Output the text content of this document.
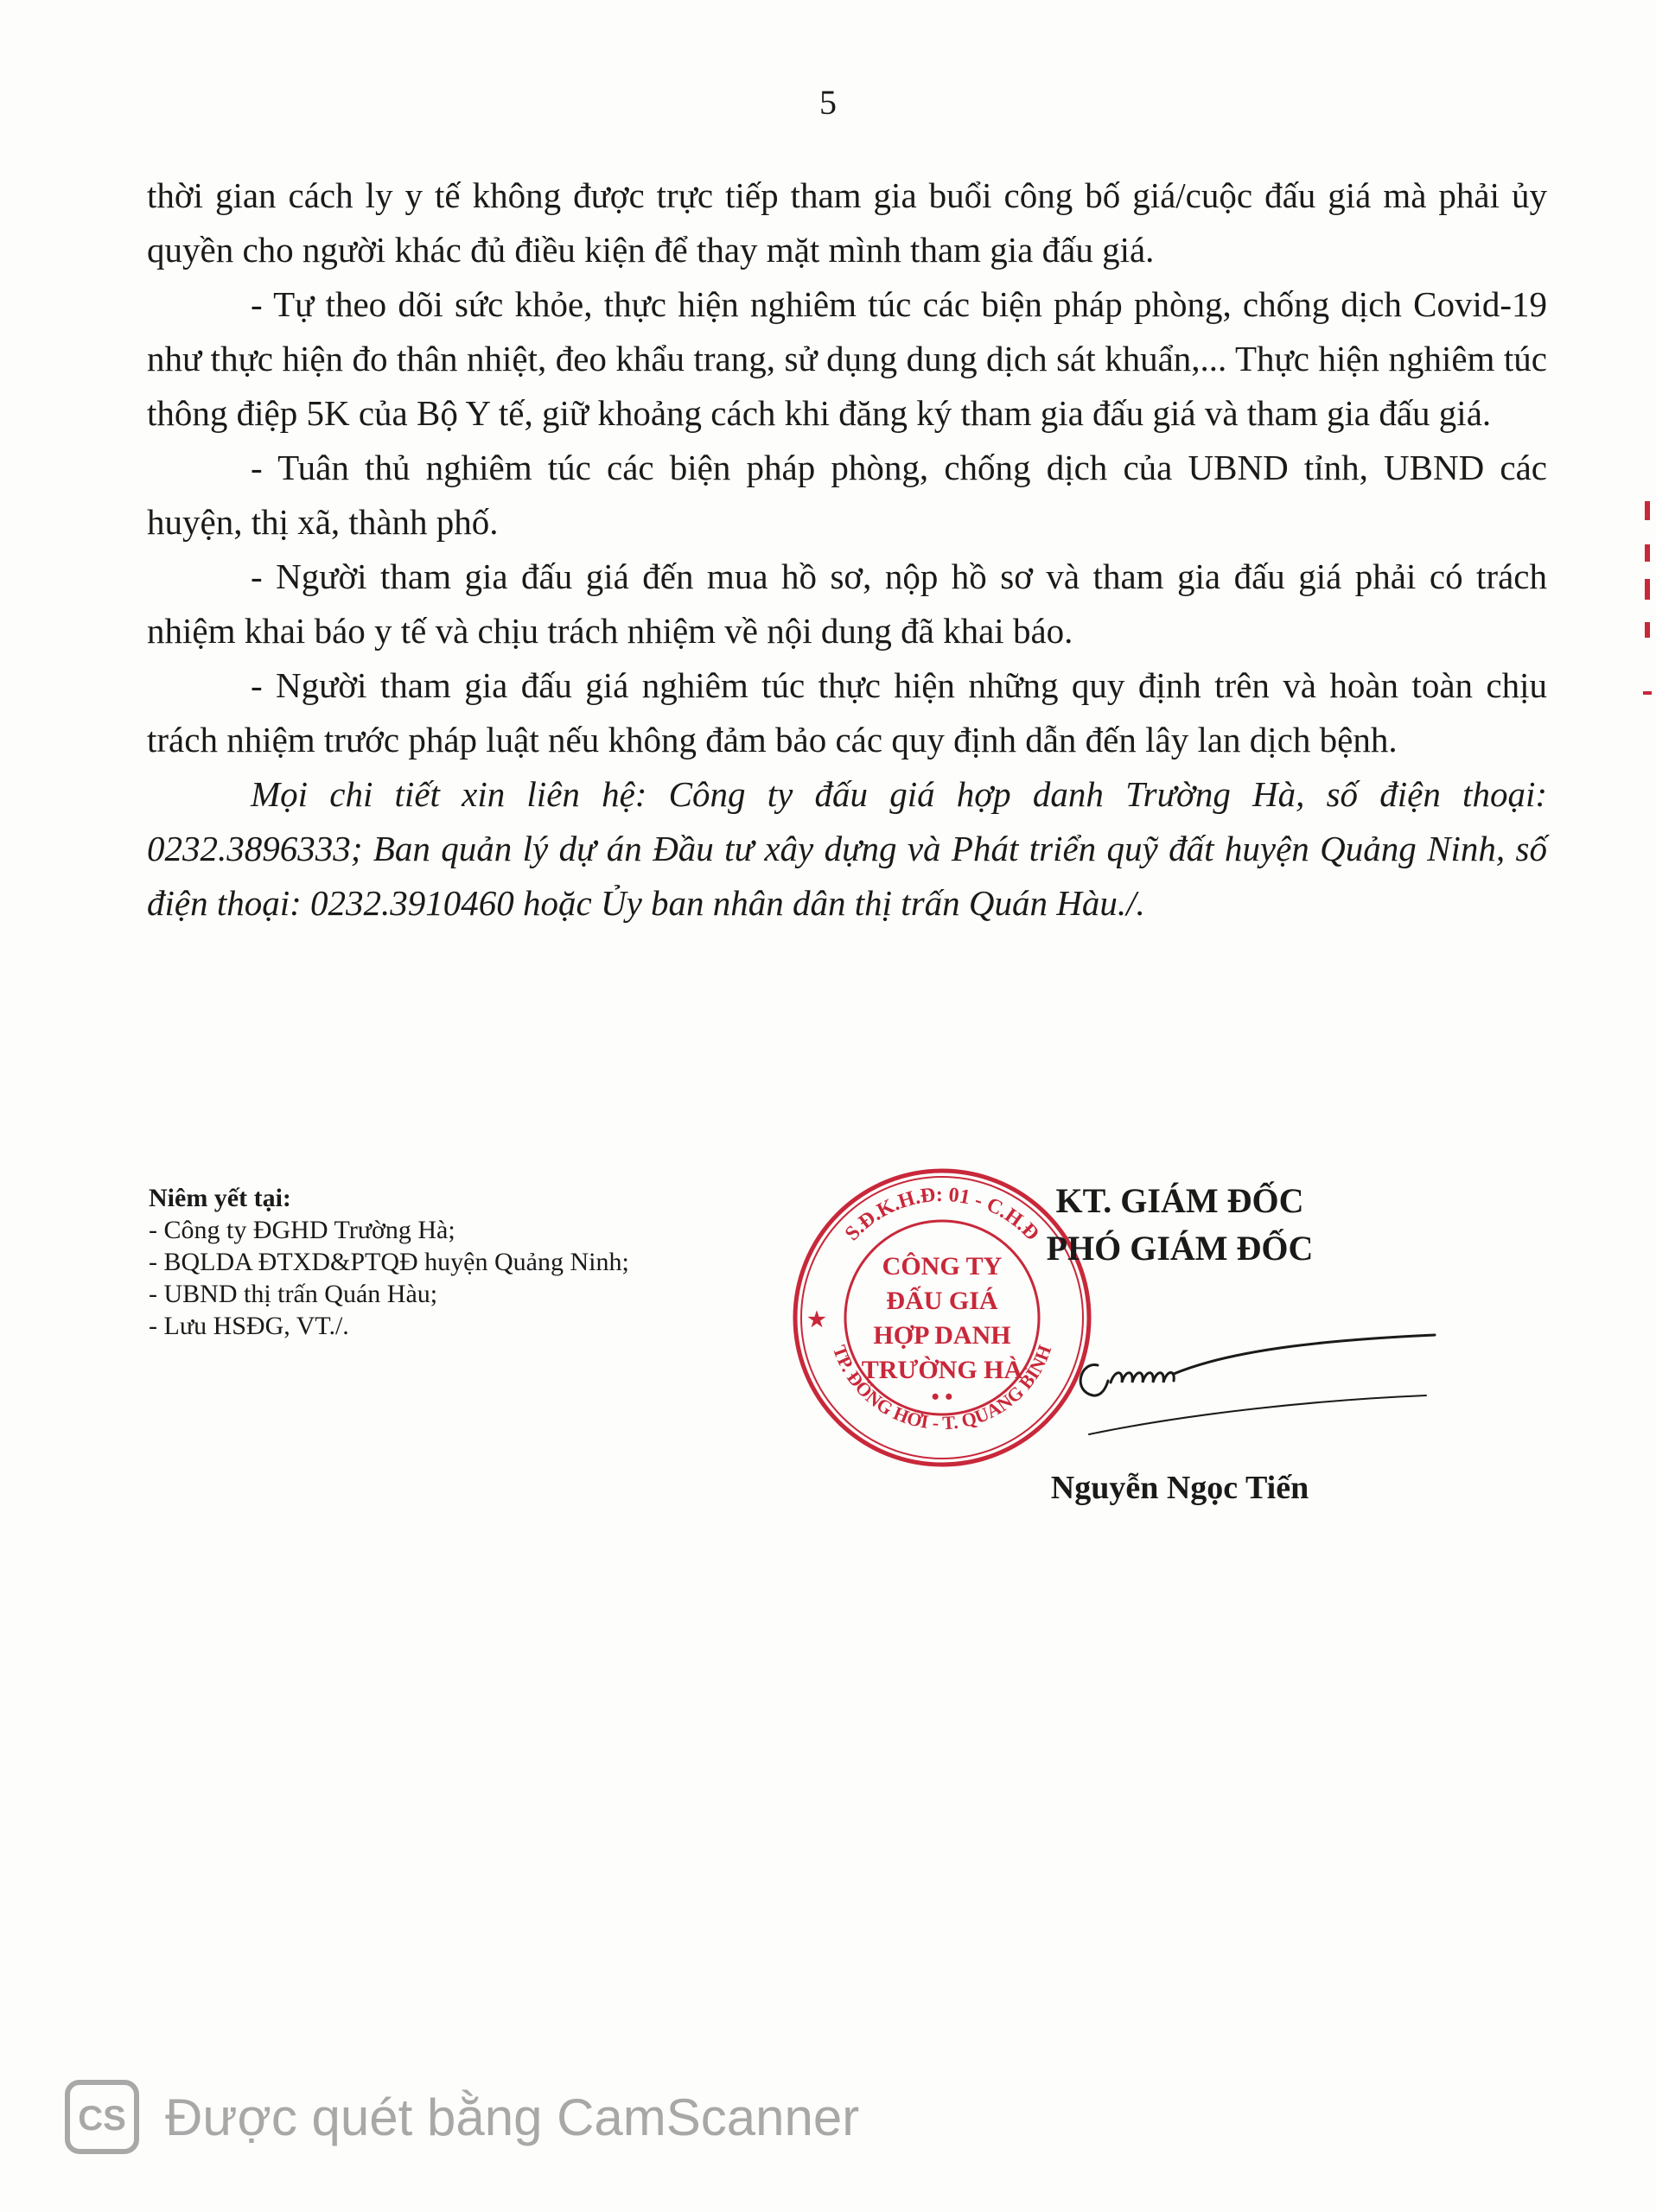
5

thời gian cách ly y tế không được trực tiếp tham gia buổi công bố giá/cuộc đấu giá mà phải ủy quyền cho người khác đủ điều kiện để thay mặt mình tham gia đấu giá.

- Tự theo dõi sức khỏe, thực hiện nghiêm túc các biện pháp phòng, chống dịch Covid-19 như thực hiện đo thân nhiệt, đeo khẩu trang, sử dụng dung dịch sát khuẩn,... Thực hiện nghiêm túc thông điệp 5K của Bộ Y tế, giữ khoảng cách khi đăng ký tham gia đấu giá và tham gia đấu giá.

- Tuân thủ nghiêm túc các biện pháp phòng, chống dịch của UBND tỉnh, UBND các huyện, thị xã, thành phố.

- Người tham gia đấu giá đến mua hồ sơ, nộp hồ sơ và tham gia đấu giá phải có trách nhiệm khai báo y tế và chịu trách nhiệm về nội dung đã khai báo.

- Người tham gia đấu giá nghiêm túc thực hiện những quy định trên và hoàn toàn chịu trách nhiệm trước pháp luật nếu không đảm bảo các quy định dẫn đến lây lan dịch bệnh.

Mọi chi tiết xin liên hệ: Công ty đấu giá hợp danh Trường Hà, số điện thoại: 0232.3896333; Ban quản lý dự án Đầu tư xây dựng và Phát triển quỹ đất huyện Quảng Ninh, số điện thoại: 0232.3910460 hoặc Ủy ban nhân dân thị trấn Quán Hàu./.

Niêm yết tại:
- Công ty ĐGHD Trường Hà;
- BQLDA ĐTXD&PTQĐ huyện Quảng Ninh;
- UBND thị trấn Quán Hàu;
- Lưu HSĐG, VT./.
S.Đ.K.H.Đ: 01 - C.H.Đ
TP. ĐỒNG HỚI - T. QUẢNG BÌNH
CÔNG TY
ĐẤU GIÁ
HỢP DANH
TRƯỜNG HÀ
• •
★
KT. GIÁM ĐỐC
PHÓ GIÁM ĐỐC
Nguyễn Ngọc Tiến
CS Được quét bằng CamScanner
